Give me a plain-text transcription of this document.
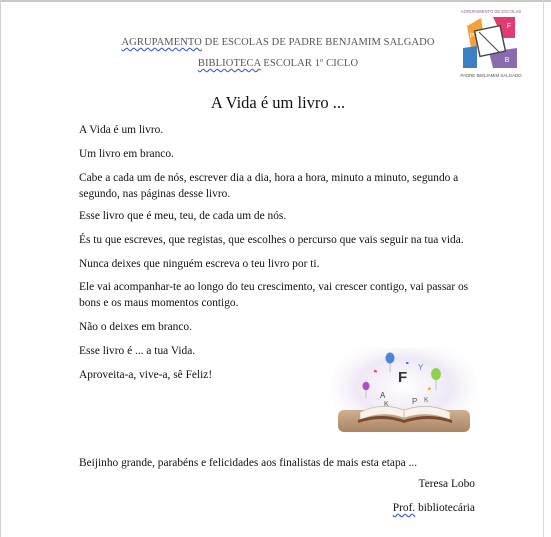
AGRUPAMENTO DE ESCOLAS DE PADRE BENJAMIM SALGADO
BIBLIOTECA ESCOLAR 1º CICLO
AGRUPAMENTO DE ESCOLAS
F
P
B
PADRE BENJAMIM SALGADO
A Vida é um livro ...
A Vida é um livro.
Um livro em branco.
Cabe a cada um de nós, escrever dia a dia, hora a hora, minuto a minuto, segundo a segundo, nas páginas desse livro.
Esse livro que é meu, teu, de cada um de nós.
És tu que escreves, que registas, que escolhes o percurso que vais seguir na tua vida.
Nunca deixes que ninguém escreva o teu livro por ti.
Ele vai acompanhar-te ao longo do teu crescimento, vai crescer contigo, vai passar os bons e os maus momentos contigo.
Não o deixes em branco.
Esse livro é ... a tua Vida.
Aproveita-a, vive-a, sê Feliz!	F
A
K	P K
Y
Beijinho grande, parabéns e felicidades aos finalistas de mais esta etapa ...
Teresa Lobo
Prof. bibliotecária
